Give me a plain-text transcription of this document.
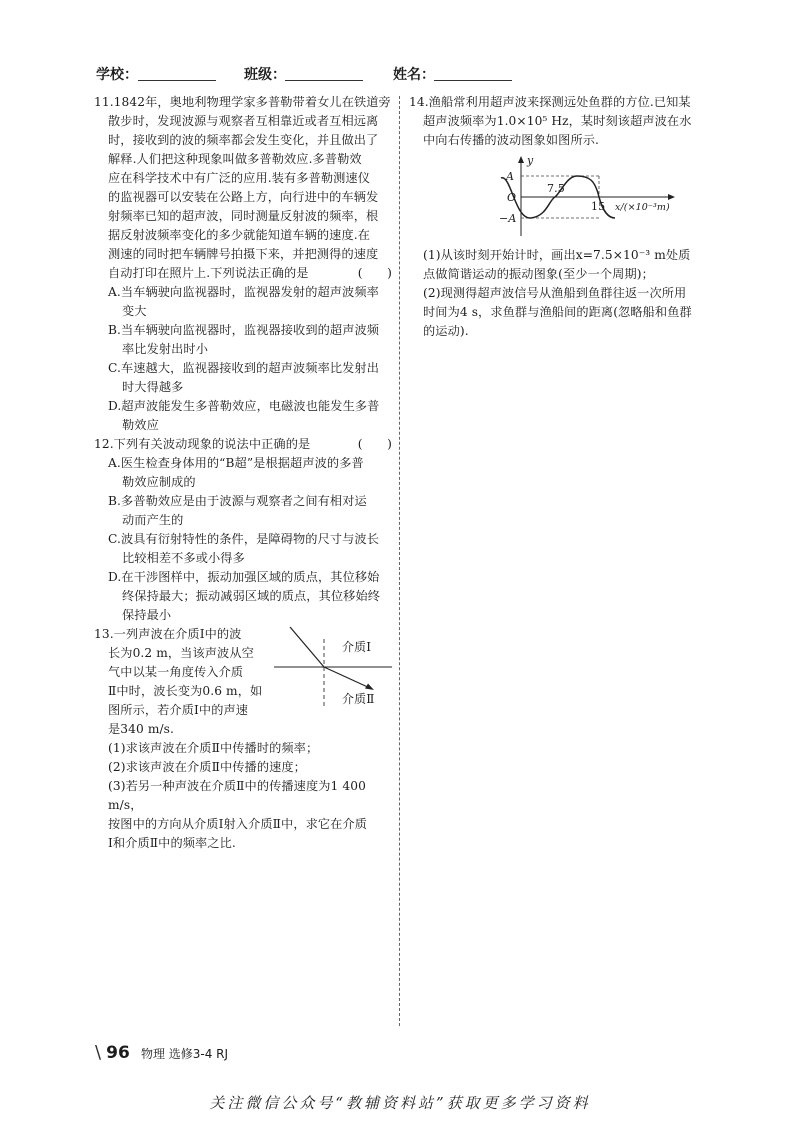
学校：	班级：	姓名：

11.1842年，奥地利物理学家多普勒带着女儿在铁道旁

散步时，发现波源与观察者互相靠近或者互相远离

时，接收到的波的频率都会发生变化，并且做出了

解释.人们把这种现象叫做多普勒效应.多普勒效

应在科学技术中有广泛的应用.装有多普勒测速仪

的监视器可以安装在公路上方，向行进中的车辆发

射频率已知的超声波，同时测量反射波的频率，根

据反射波频率变化的多少就能知道车辆的速度.在

测速的同时把车辆牌号拍摄下来，并把测得的速度

自动打印在照片上.下列说法正确的是	(　　)

A.当车辆驶向监视器时，监视器发射的超声波频率

变大

B.当车辆驶向监视器时，监视器接收到的超声波频

率比发射出时小

C.车速越大，监视器接收到的超声波频率比发射出

时大得越多

D.超声波能发生多普勒效应，电磁波也能发生多普

勒效应

12.下列有关波动现象的说法中正确的是	(　　)

A.医生检查身体用的“B超”是根据超声波的多普

勒效应制成的

B.多普勒效应是由于波源与观察者之间有相对运

动而产生的

C.波具有衍射特性的条件，是障碍物的尺寸与波长

比较相差不多或小得多

D.在干涉图样中，振动加强区域的质点，其位移始

终保持最大；振动减弱区域的质点，其位移始终

保持最小

13.一列声波在介质Ⅰ中的波

长为0.2 m，当该声波从空

气中以某一角度传入介质

Ⅱ中时，波长变为0.6 m，如

图所示，若介质Ⅰ中的声速

是340 m/s.

(1)求该声波在介质Ⅱ中传播时的频率；

(2)求该声波在介质Ⅱ中传播的速度；

(3)若另一种声波在介质Ⅱ中的传播速度为1 400 m/s，

按图中的方向从介质Ⅰ射入介质Ⅱ中，求它在介质

Ⅰ和介质Ⅱ中的频率之比.

介质Ⅰ
介质Ⅱ

14.渔船常利用超声波来探测远处鱼群的方位.已知某

超声波频率为1.0×10⁵ Hz，某时刻该超声波在水

中向右传播的波动图象如图所示.

y
A
O
−A
7.5
15 x/(×10⁻³m)

(1)从该时刻开始计时，画出x=7.5×10⁻³ m处质

点做简谐运动的振动图象(至少一个周期)；

(2)现测得超声波信号从渔船到鱼群往返一次所用

时间为4 s，求鱼群与渔船间的距离(忽略船和鱼群

的运动).

\ 96 物理 选修3-4 RJ
关注微信公众号“教辅资料站”获取更多学习资料
